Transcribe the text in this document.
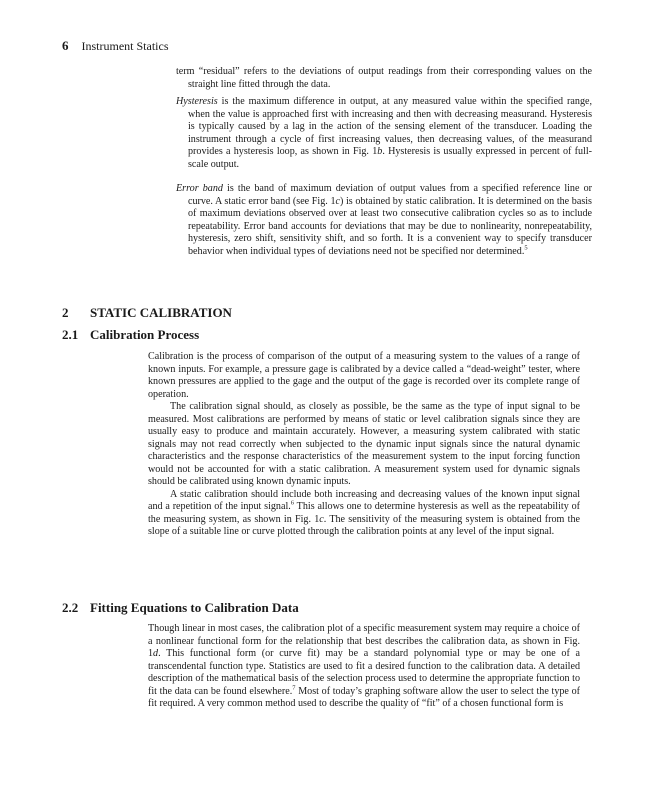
6 Instrument Statics
term “residual” refers to the deviations of output readings from their corresponding values on the straight line fitted through the data.
Hysteresis is the maximum difference in output, at any measured value within the specified range, when the value is approached first with increasing and then with decreasing measurand. Hysteresis is typically caused by a lag in the action of the sensing element of the transducer. Loading the instrument through a cycle of first increasing values, then decreasing values, of the measurand provides a hysteresis loop, as shown in Fig. 1b. Hysteresis is usually expressed in percent of full-scale output.
Error band is the band of maximum deviation of output values from a specified reference line or curve. A static error band (see Fig. 1c) is obtained by static calibration. It is determined on the basis of maximum deviations observed over at least two consecutive calibration cycles so as to include repeatability. Error band accounts for deviations that may be due to nonlinearity, nonrepeatability, hysteresis, zero shift, sensitivity shift, and so forth. It is a convenient way to specify transducer behavior when individual types of deviations need not be specified nor determined.$^5$
2 STATIC CALIBRATION
2.1 Calibration Process

Calibration is the process of comparison of the output of a measuring system to the values of a range of known inputs. For example, a pressure gage is calibrated by a device called a “dead-weight” tester, where known pressures are applied to the gage and the output of the gage is recorded over its complete range of operation.

The calibration signal should, as closely as possible, be the same as the type of input signal to be measured. Most calibrations are performed by means of static or level calibration signals since they are usually easy to produce and maintain accurately. However, a measuring system calibrated with static signals may not read correctly when subjected to the dynamic input signals since the natural dynamic characteristics and the response characteristics of the measurement system to the input forcing function would not be accounted for with a static calibration. A measurement system used for dynamic signals should be calibrated using known dynamic inputs.

A static calibration should include both increasing and decreasing values of the known input signal and a repetition of the input signal.$^6$ This allows one to determine hysteresis as well as the repeatability of the measuring system, as shown in Fig. 1c. The sensitivity of the measuring system is obtained from the slope of a suitable line or curve plotted through the calibration points at any level of the input signal.

2.2 Fitting Equations to Calibration Data

Though linear in most cases, the calibration plot of a specific measurement system may require a choice of a nonlinear functional form for the relationship that best describes the calibration data, as shown in Fig. 1d. This functional form (or curve fit) may be a standard polynomial type or may be one of a transcendental function type. Statistics are used to fit a desired function to the calibration data. A detailed description of the mathematical basis of the selection process used to determine the appropriate function to fit the data can be found elsewhere.$^7$ Most of today’s graphing software allow the user to select the type of fit required. A very common method used to describe the quality of “fit” of a chosen functional form is
